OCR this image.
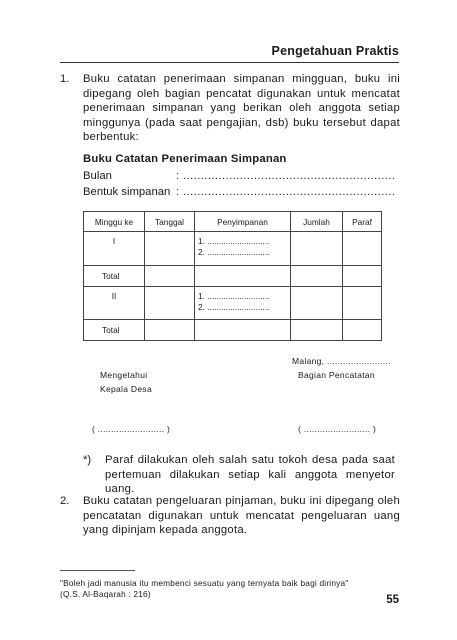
Pengetahuan Praktis
1. Buku catatan penerimaan simpanan mingguan, buku ini dipegang oleh bagian pencatat digunakan untuk mencatat penerimaan simpanan yang berikan oleh anggota setiap minggunya (pada saat pengajian, dsb) buku tersebut dapat berbentuk:
Buku Catatan Penerimaan Simpanan
Bulan	: ............................................................
Bentuk simpanan : ............................................................
Minggu ke	Tanggal	Penyimpanan	Jumlah	Paraf
I		1. ...........................
2. ...........................		

Total				
II		1. ...........................
2. ...........................		

Total				
Malang, ........................
Mengetahui	Bagian Pencatatan
Kepala Desa
( ......................... )	( ......................... )
*) Paraf dilakukan oleh salah satu tokoh desa pada saat pertemuan dilakukan setiap kali anggota menyetor uang.
2. Buku catatan pengeluaran pinjaman, buku ini dipegang oleh pencatatan digunakan untuk mencatat pengeluaran uang yang dipinjam kepada anggota.
"Boleh jadi manusia itu membenci sesuatu yang ternyata baik bagi dirinya" (Q.S. Al-Baqarah : 216)
55
